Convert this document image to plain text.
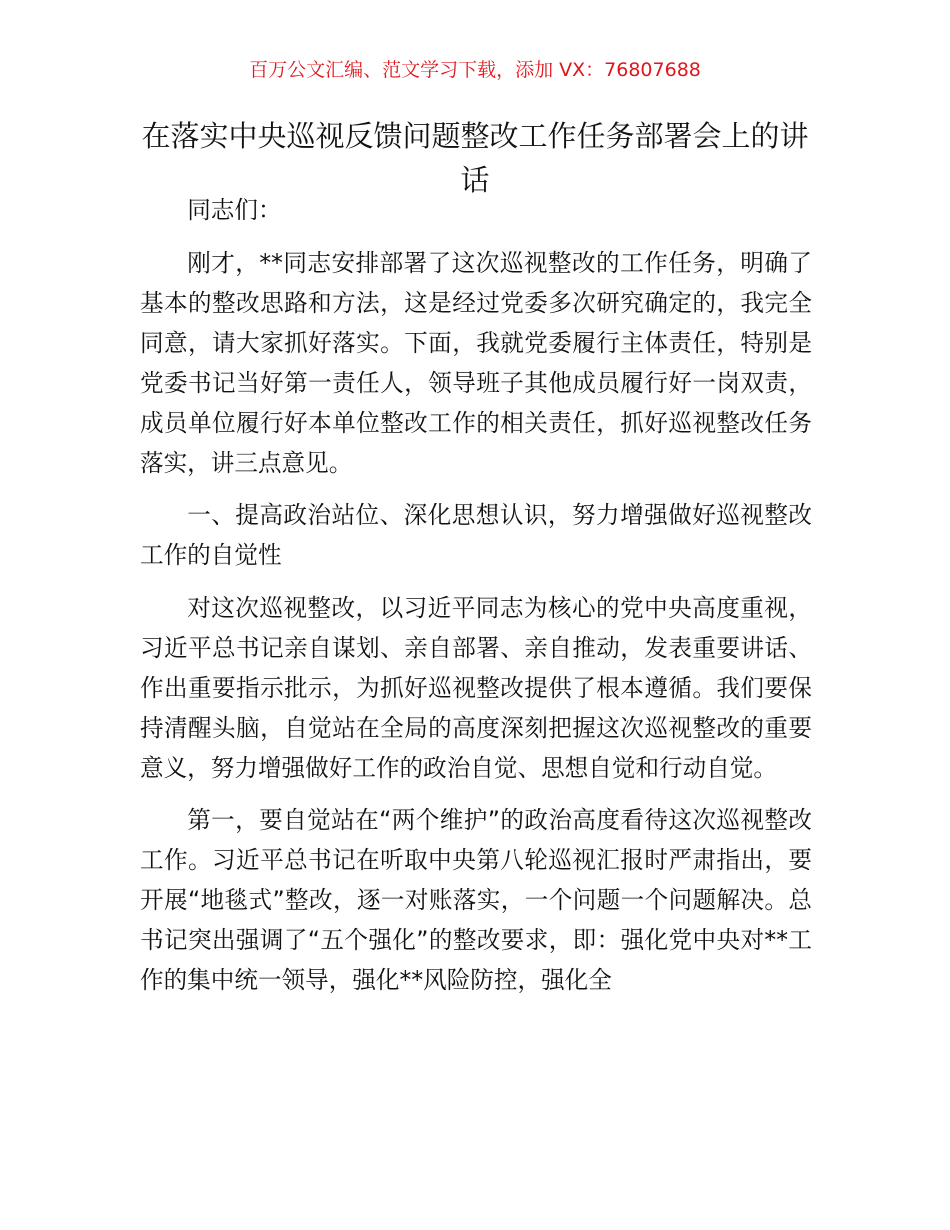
百万公文汇编、范文学习下载，添加 VX：76807688
在落实中央巡视反馈问题整改工作任务部署会上的讲话

同志们：

刚才，**同志安排部署了这次巡视整改的工作任务，明确了基本的整改思路和方法，这是经过党委多次研究确定的，我完全同意，请大家抓好落实。下面，我就党委履行主体责任，特别是党委书记当好第一责任人，领导班子其他成员履行好一岗双责，成员单位履行好本单位整改工作的相关责任，抓好巡视整改任务落实，讲三点意见。

一、提高政治站位、深化思想认识，努力增强做好巡视整改工作的自觉性

对这次巡视整改，以习近平同志为核心的党中央高度重视，习近平总书记亲自谋划、亲自部署、亲自推动，发表重要讲话、作出重要指示批示，为抓好巡视整改提供了根本遵循。我们要保持清醒头脑，自觉站在全局的高度深刻把握这次巡视整改的重要意义，努力增强做好工作的政治自觉、思想自觉和行动自觉。

第一，要自觉站在“两个维护”的政治高度看待这次巡视整改工作。习近平总书记在听取中央第八轮巡视汇报时严肃指出，要开展“地毯式”整改，逐一对账落实，一个问题一个问题解决。总书记突出强调了“五个强化”的整改要求，即：强化党中央对**工作的集中统一领导，强化**风险防控，强化全
